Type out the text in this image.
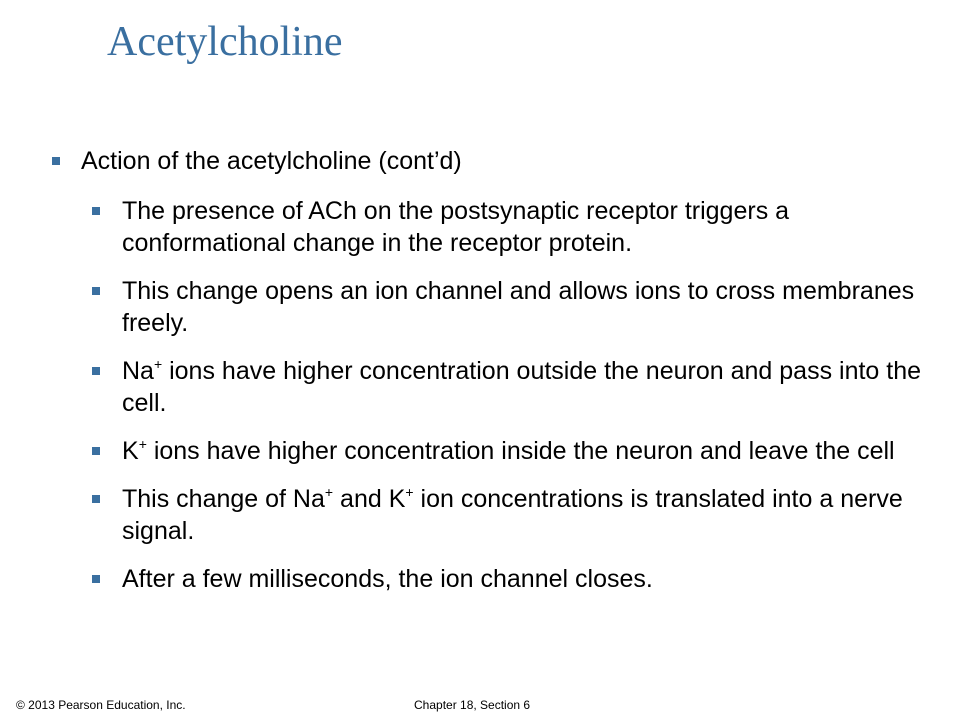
Acetylcholine
Action of the acetylcholine (cont’d)
The presence of ACh on the postsynaptic receptor triggers a conformational change in the receptor protein.
This change opens an ion channel and allows ions to cross membranes freely.
Na+ ions have higher concentration outside the neuron and pass into the cell.
K+ ions have higher concentration inside the neuron and leave the cell
This change of Na+ and K+ ion concentrations is translated into a nerve signal.
After a few milliseconds, the ion channel closes.
© 2013 Pearson Education, Inc.	Chapter 18, Section 6
